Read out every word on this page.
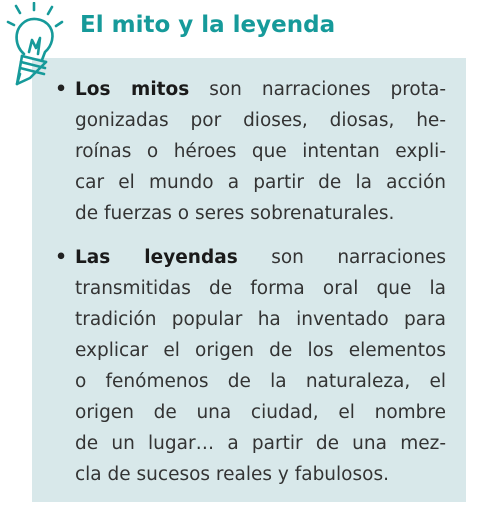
El mito y la leyenda
• Los mitos son narraciones prota-
gonizadas por dioses, diosas, he-
roínas o héroes que intentan expli-
car el mundo a partir de la acción
de fuerzas o seres sobrenaturales.
• Las leyendas son narraciones
transmitidas de forma oral que la
tradición popular ha inventado para
explicar el origen de los elementos
o fenómenos de la naturaleza, el
origen de una ciudad, el nombre
de un lugar… a partir de una mez-
cla de sucesos reales y fabulosos.
